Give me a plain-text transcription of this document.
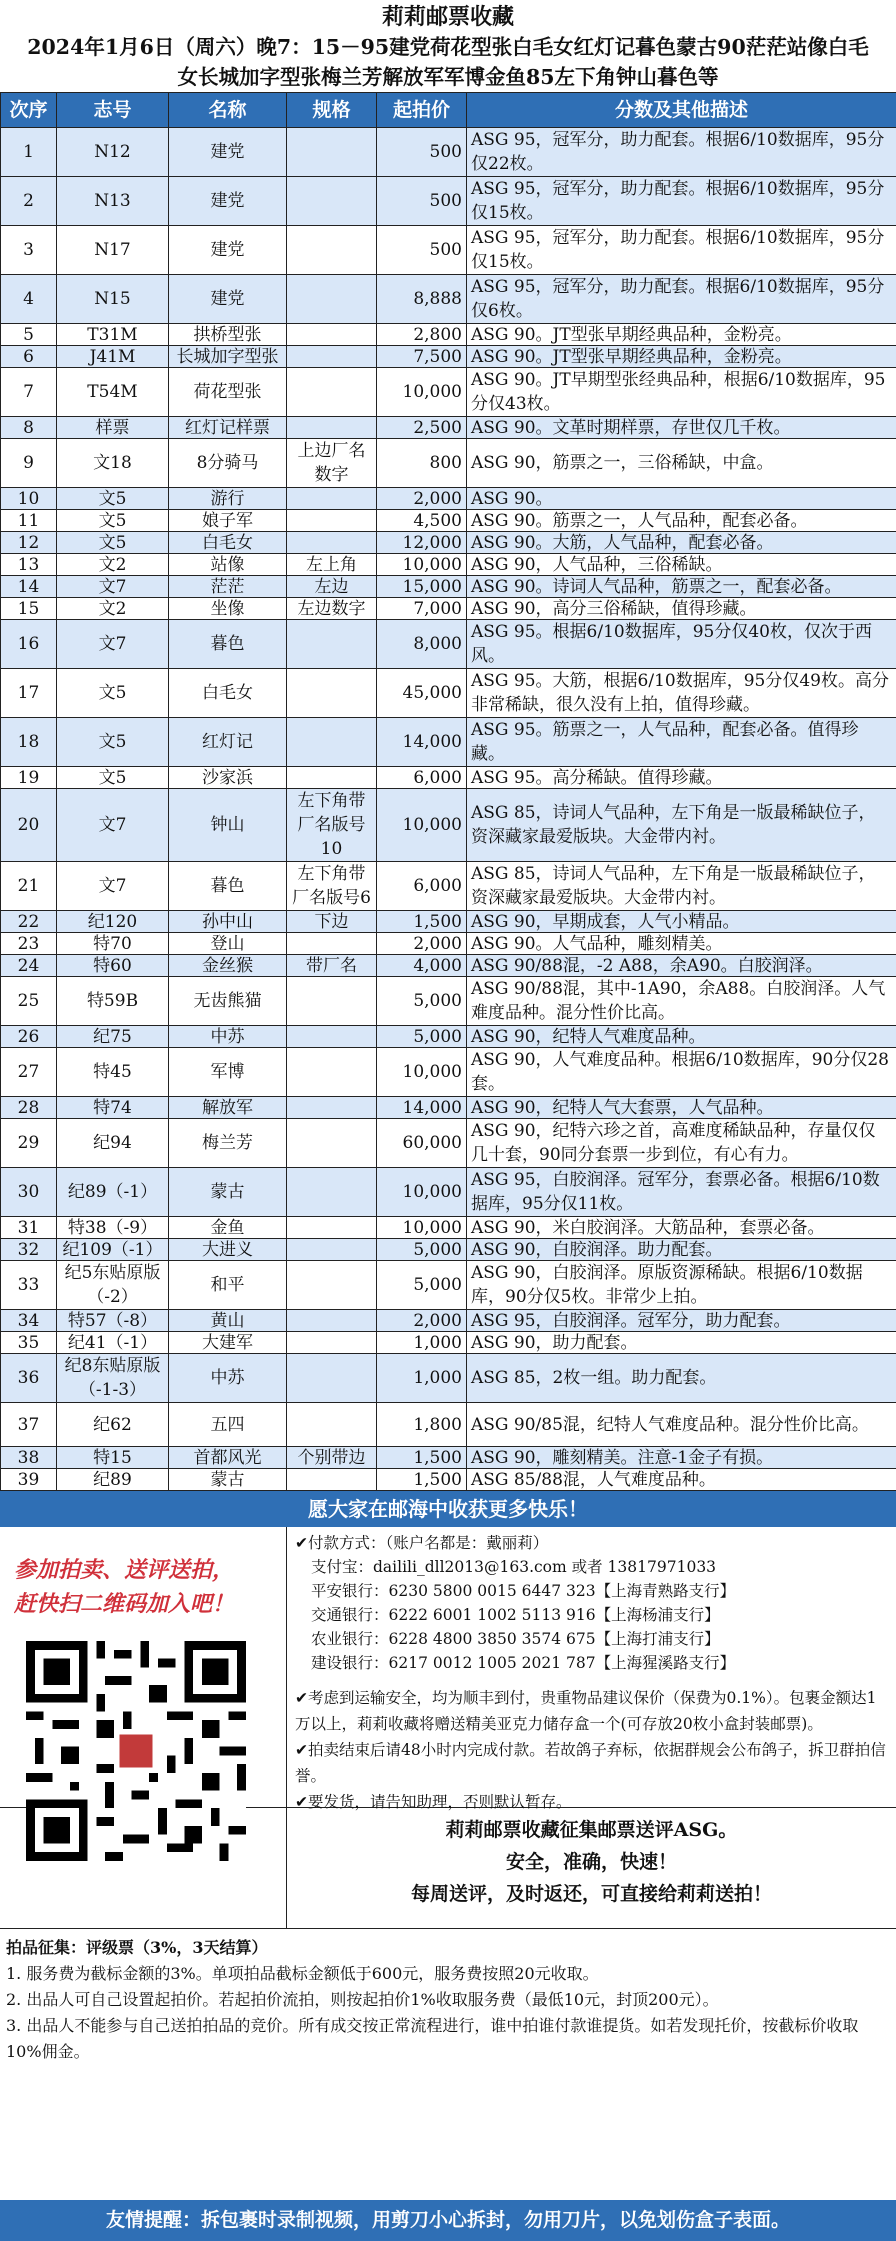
莉莉邮票收藏
2024年1月6日（周六）晚7：15－95建党荷花型张白毛女红灯记暮色蒙古90茫茫站像白毛
女长城加字型张梅兰芳解放军军博金鱼85左下角钟山暮色等
次序	志号	名称	规格	起拍价	分数及其他描述
1	N12	建党		500	ASG 95，冠军分，助力配套。根据6/10数据库，95分仅22枚。
2	N13	建党		500	ASG 95，冠军分，助力配套。根据6/10数据库，95分仅15枚。
3	N17	建党		500	ASG 95，冠军分，助力配套。根据6/10数据库，95分仅15枚。
4	N15	建党		8,888	ASG 95，冠军分，助力配套。根据6/10数据库，95分仅6枚。
5	T31M	拱桥型张		2,800	ASG 90。JT型张早期经典品种，金粉亮。
6	J41M	长城加字型张		7,500	ASG 90。JT型张早期经典品种，金粉亮。
7	T54M	荷花型张		10,000	ASG 90。JT早期型张经典品种，根据6/10数据库，95分仅43枚。
8	样票	红灯记样票		2,500	ASG 90。文革时期样票，存世仅几千枚。
9	文18	8分骑马	上边厂名数字	800	ASG 90，筋票之一，三俗稀缺，中盒。
10	文5	游行		2,000	ASG 90。
11	文5	娘子军		4,500	ASG 90。筋票之一，人气品种，配套必备。
12	文5	白毛女		12,000	ASG 90。大筋，人气品种，配套必备。
13	文2	站像	左上角	10,000	ASG 90，人气品种，三俗稀缺。
14	文7	茫茫	左边	15,000	ASG 90。诗词人气品种，筋票之一，配套必备。
15	文2	坐像	左边数字	7,000	ASG 90，高分三俗稀缺，值得珍藏。
16	文7	暮色		8,000	ASG 95。根据6/10数据库，95分仅40枚，仅次于西风。
17	文5	白毛女		45,000	ASG 95。大筋，根据6/10数据库，95分仅49枚。高分非常稀缺，很久没有上拍，值得珍藏。
18	文5	红灯记		14,000	ASG 95。筋票之一，人气品种，配套必备。值得珍藏。
19	文5	沙家浜		6,000	ASG 95。高分稀缺。值得珍藏。
20	文7	钟山	左下角带厂名版号10	10,000	ASG 85，诗词人气品种，左下角是一版最稀缺位子，资深藏家最爱版块。大金带内衬。
21	文7	暮色	左下角带厂名版号6	6,000	ASG 85，诗词人气品种，左下角是一版最稀缺位子，资深藏家最爱版块。大金带内衬。
22	纪120	孙中山	下边	1,500	ASG 90，早期成套，人气小精品。
23	特70	登山		2,000	ASG 90。人气品种，雕刻精美。
24	特60	金丝猴	带厂名	4,000	ASG 90/88混，-2 A88，余A90。白胶润泽。
25	特59B	无齿熊猫		5,000	ASG 90/88混，其中-1A90，余A88。白胶润泽。人气难度品种。混分性价比高。
26	纪75	中苏		5,000	ASG 90，纪特人气难度品种。
27	特45	军博		10,000	ASG 90，人气难度品种。根据6/10数据库，90分仅28套。
28	特74	解放军		14,000	ASG 90，纪特人气大套票，人气品种。
29	纪94	梅兰芳		60,000	ASG 90，纪特六珍之首，高难度稀缺品种，存量仅仅几十套，90同分套票一步到位，有心有力。
30	纪89（-1）	蒙古		10,000	ASG 95，白胶润泽。冠军分，套票必备。根据6/10数据库，95分仅11枚。
31	特38（-9）	金鱼		10,000	ASG 90，米白胶润泽。大筋品种，套票必备。
32	纪109（-1）	大进义		5,000	ASG 90，白胶润泽。助力配套。
33	纪5东贴原版（-2）	和平		5,000	ASG 90，白胶润泽。原版资源稀缺。根据6/10数据库，90分仅5枚。非常少上拍。
34	特57（-8）	黄山		2,000	ASG 95，白胶润泽。冠军分，助力配套。
35	纪41（-1）	大建军		1,000	ASG 90，助力配套。
36	纪8东贴原版（-1-3）	中苏		1,000	ASG 85，2枚一组。助力配套。
37	纪62	五四		1,800	ASG 90/85混，纪特人气难度品种。混分性价比高。
38	特15	首都风光	个别带边	1,500	ASG 90，雕刻精美。注意-1金子有损。
39	纪89	蒙古		1,500	ASG 85/88混，人气难度品种。
愿大家在邮海中收获更多快乐！
参加拍卖、送评送拍，
赶快扫二维码加入吧！
✔付款方式：（账户名都是：戴丽莉）
支付宝：dailili_dll2013@163.com 或者 13817971033
平安银行：6230 5800 0015 6447 323【上海青熟路支行】
交通银行：6222 6001 1002 5113 916【上海杨浦支行】
农业银行：6228 4800 3850 3574 675【上海打浦支行】
建设银行：6217 0012 1005 2021 787【上海猩溪路支行】
✔考虑到运输安全，均为顺丰到付，贵重物品建议保价（保费为0.1%）。包裹金额达1万以上，莉莉收藏将赠送精美亚克力储存盒一个(可存放20枚小盒封装邮票)。
✔拍卖结束后请48小时内完成付款。若故鸽子弃标，依据群规会公布鸽子，拆卫群拍信誉。
✔要发货，请告知助理，否则默认暂存。
莉莉邮票收藏征集邮票送评ASG。
安全，准确，快速！
每周送评，及时返还，可直接给莉莉送拍！
拍品征集：评级票（3%，3天结算）
1. 服务费为截标金额的3%。单项拍品截标金额低于600元，服务费按照20元收取。
2. 出品人可自己设置起拍价。若起拍价流拍，则按起拍价1%收取服务费（最低10元，封顶200元）。
3. 出品人不能参与自己送拍拍品的竞价。所有成交按正常流程进行，谁中拍谁付款谁提货。如若发现托价，按截标价收取10%佣金。
友情提醒：拆包裹时录制视频，用剪刀小心拆封，勿用刀片，以免划伤盒子表面。
